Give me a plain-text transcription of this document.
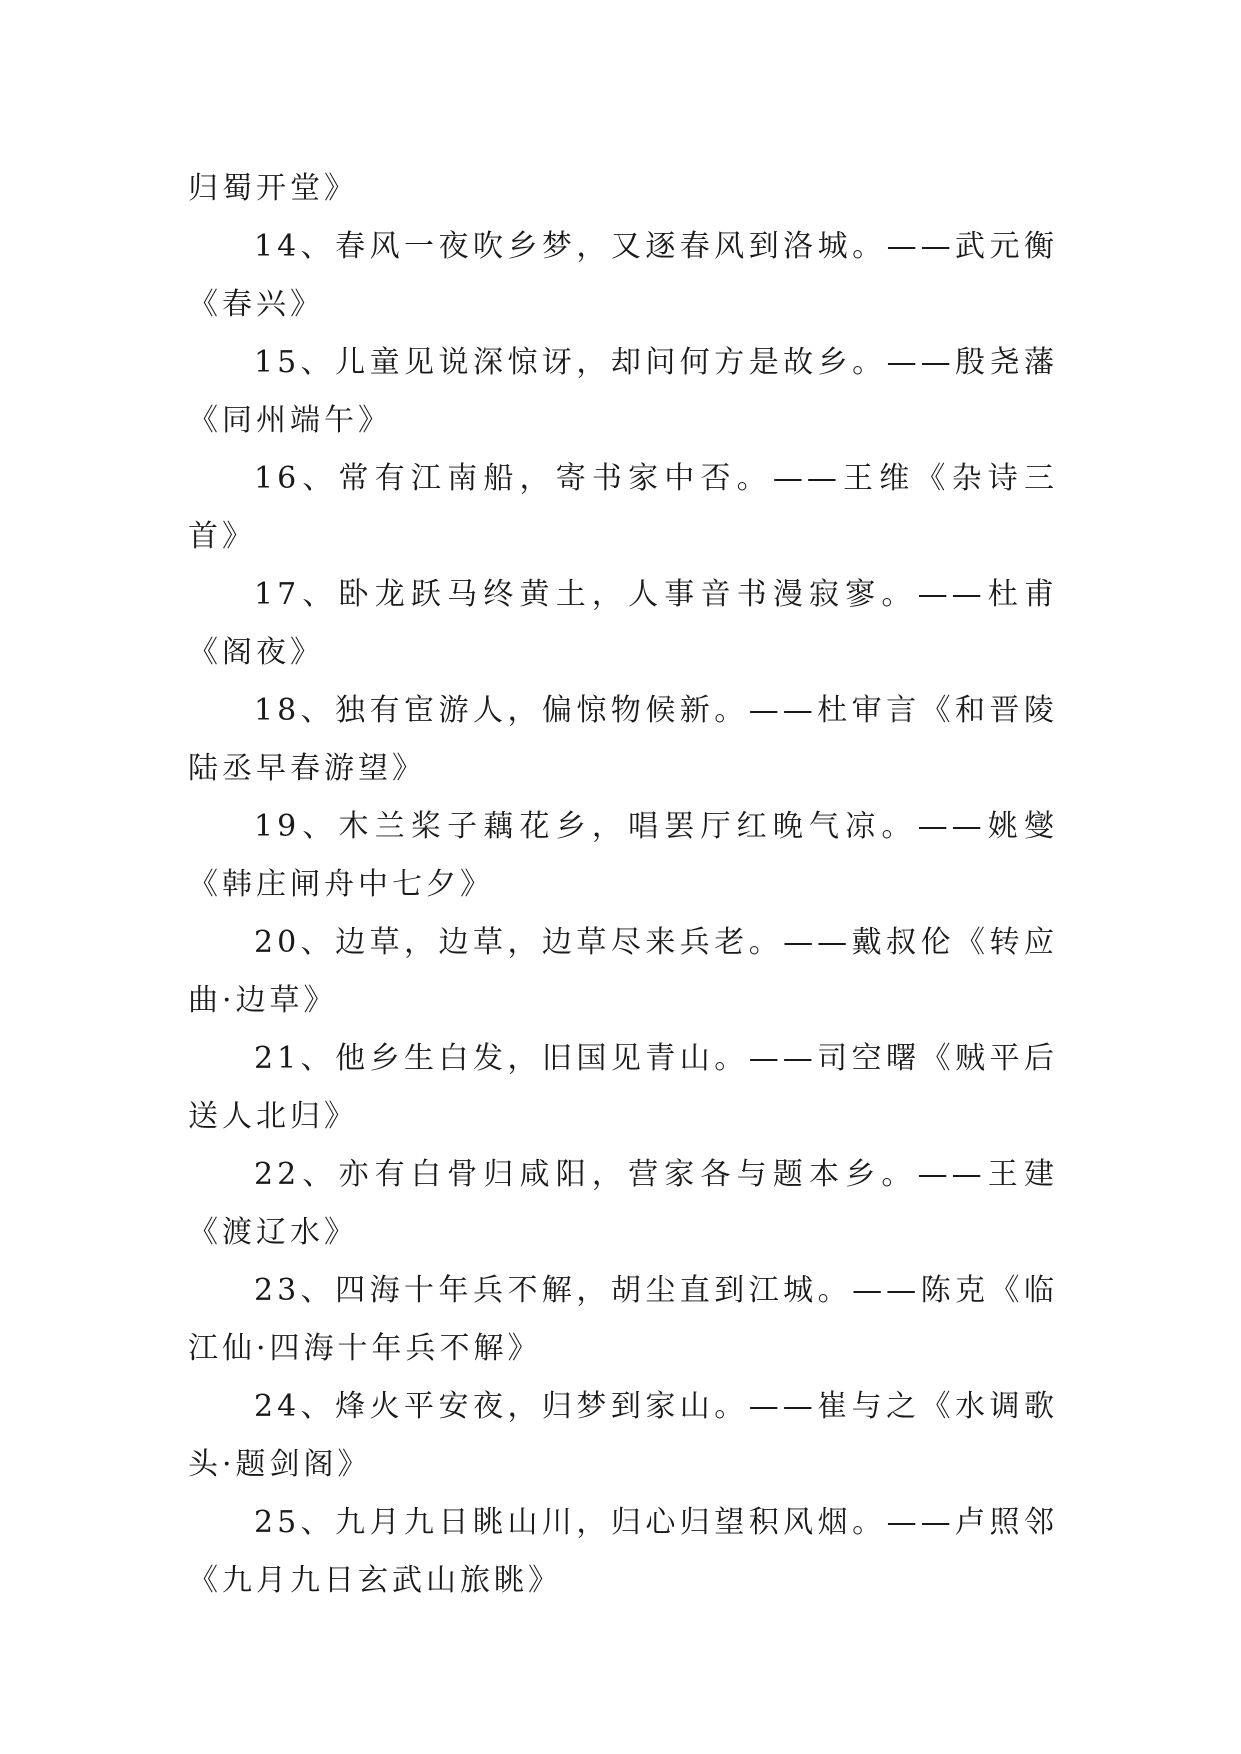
归蜀开堂》

14、春风一夜吹乡梦，又逐春风到洛城。——武元衡《春兴》

15、儿童见说深惊讶，却问何方是故乡。——殷尧藩《同州端午》

16、常有江南船，寄书家中否。——王维《杂诗三首》

17、卧龙跃马终黄土，人事音书漫寂寥。——杜甫《阁夜》

18、独有宦游人，偏惊物候新。——杜审言《和晋陵陆丞早春游望》

19、木兰桨子藕花乡，唱罢厅红晚气凉。——姚燮《韩庄闸舟中七夕》

20、边草，边草，边草尽来兵老。——戴叔伦《转应曲·边草》

21、他乡生白发，旧国见青山。——司空曙《贼平后送人北归》

22、亦有白骨归咸阳，营家各与题本乡。——王建《渡辽水》

23、四海十年兵不解，胡尘直到江城。——陈克《临江仙·四海十年兵不解》

24、烽火平安夜，归梦到家山。——崔与之《水调歌头·题剑阁》

25、九月九日眺山川，归心归望积风烟。——卢照邻《九月九日玄武山旅眺》
